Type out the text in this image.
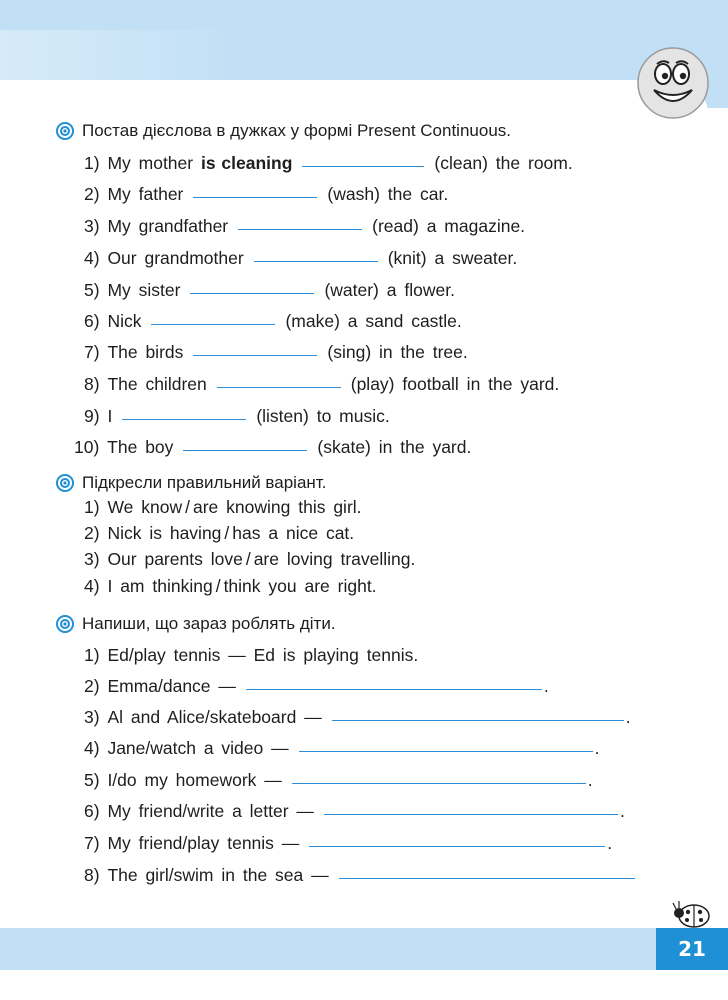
Постав дієслова в дужках у формі Present Continuous.
1)
My mother
is cleaning	(clean)
the room.
2)
My father	(wash)
the car.
3)
My grandfather	(read)
a magazine.
4)
Our grandmother	(knit)
a sweater.
5)
My sister	(water)
a flower.
6)
Nick	(make)
a sand castle.
7)
The birds	(sing)
in the tree.
8)
The children	(play)
football in the yard.
9)
I	(listen)
to music.
10)
The boy	(skate)
in the yard.
Підкресли правильний варіант.
1)
We
know / are knowing
this girl.
2)
Nick
is having / has
a nice cat.
3)
Our parents
love / are loving
travelling.
4)
I
am thinking / think
you are right.
Напиши, що зараз роблять діти.
1)
Ed/play tennis —
Ed is playing tennis.
2)
Emma/dance —	.
3)
Al and Alice/skateboard —	.
4)
Jane/watch a video —	.
5)
I/do my homework —	.
6)
My friend/write a letter —	.
7)
My friend/play tennis —	.
8)
The girl/swim in the sea —
21
